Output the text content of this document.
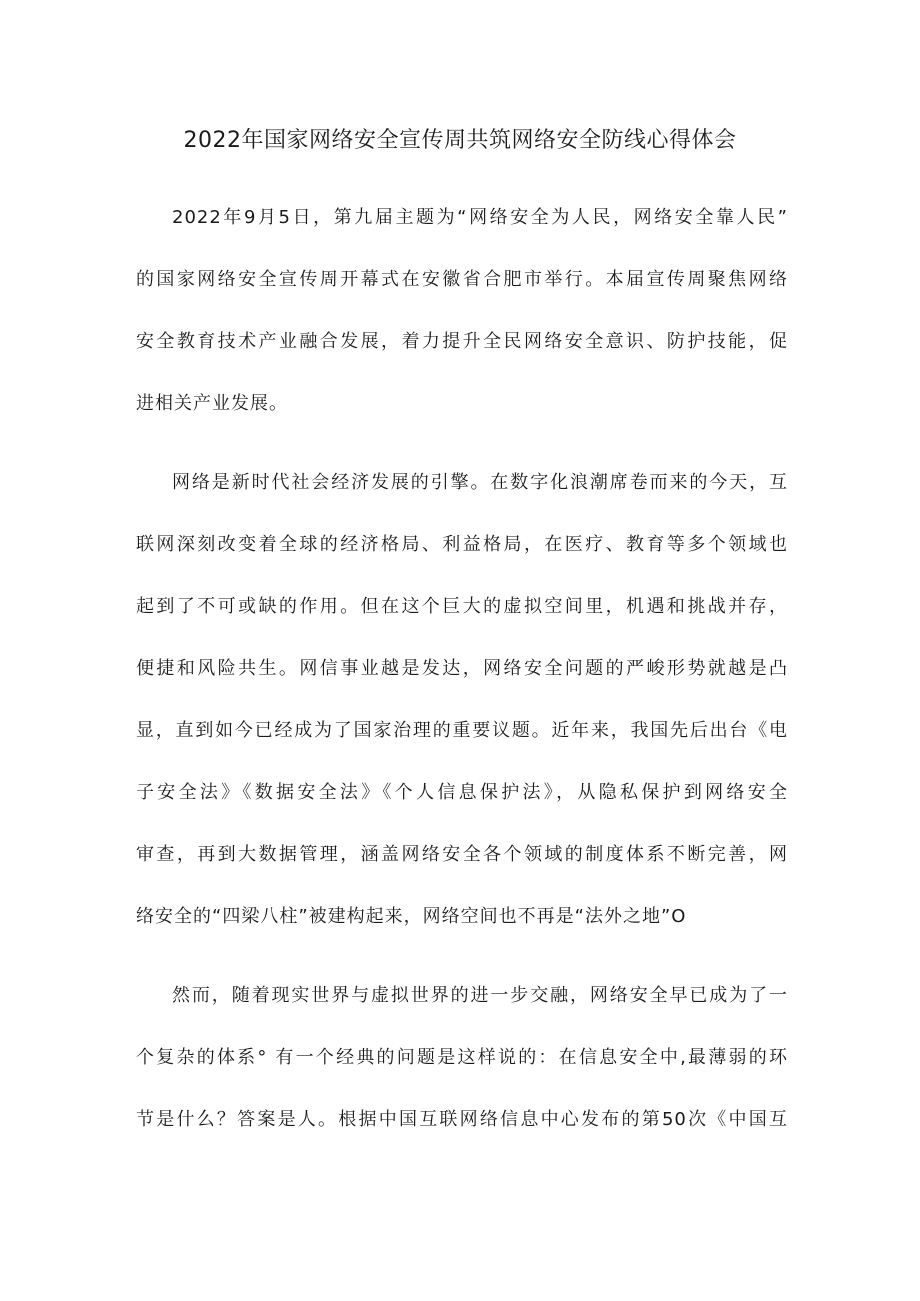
2022年国家网络安全宣传周共筑网络安全防线心得体会
2022年9月5日，第九届主题为“网络安全为人民，网络安全靠人民”
的国家网络安全宣传周开幕式在安徽省合肥市举行。本届宣传周聚焦网络
安全教育技术产业融合发展，着力提升全民网络安全意识、防护技能，促
进相关产业发展。
网络是新时代社会经济发展的引擎。在数字化浪潮席卷而来的今天，互
联网深刻改变着全球的经济格局、利益格局，在医疗、教育等多个领域也
起到了不可或缺的作用。但在这个巨大的虚拟空间里，机遇和挑战并存，
便捷和风险共生。网信事业越是发达，网络安全问题的严峻形势就越是凸
显，直到如今已经成为了国家治理的重要议题。近年来，我国先后出台《电
子安全法》《数据安全法》《个人信息保护法》，从隐私保护到网络安全
审查，再到大数据管理，涵盖网络安全各个领域的制度体系不断完善，网
络安全的“四梁八柱”被建构起来，网络空间也不再是“法外之地”O
然而，随着现实世界与虚拟世界的进一步交融，网络安全早已成为了一
个复杂的体系° 有一个经典的问题是这样说的：在信息安全中,最薄弱的环
节是什么？答案是人。根据中国互联网络信息中心发布的第50次《中国互
